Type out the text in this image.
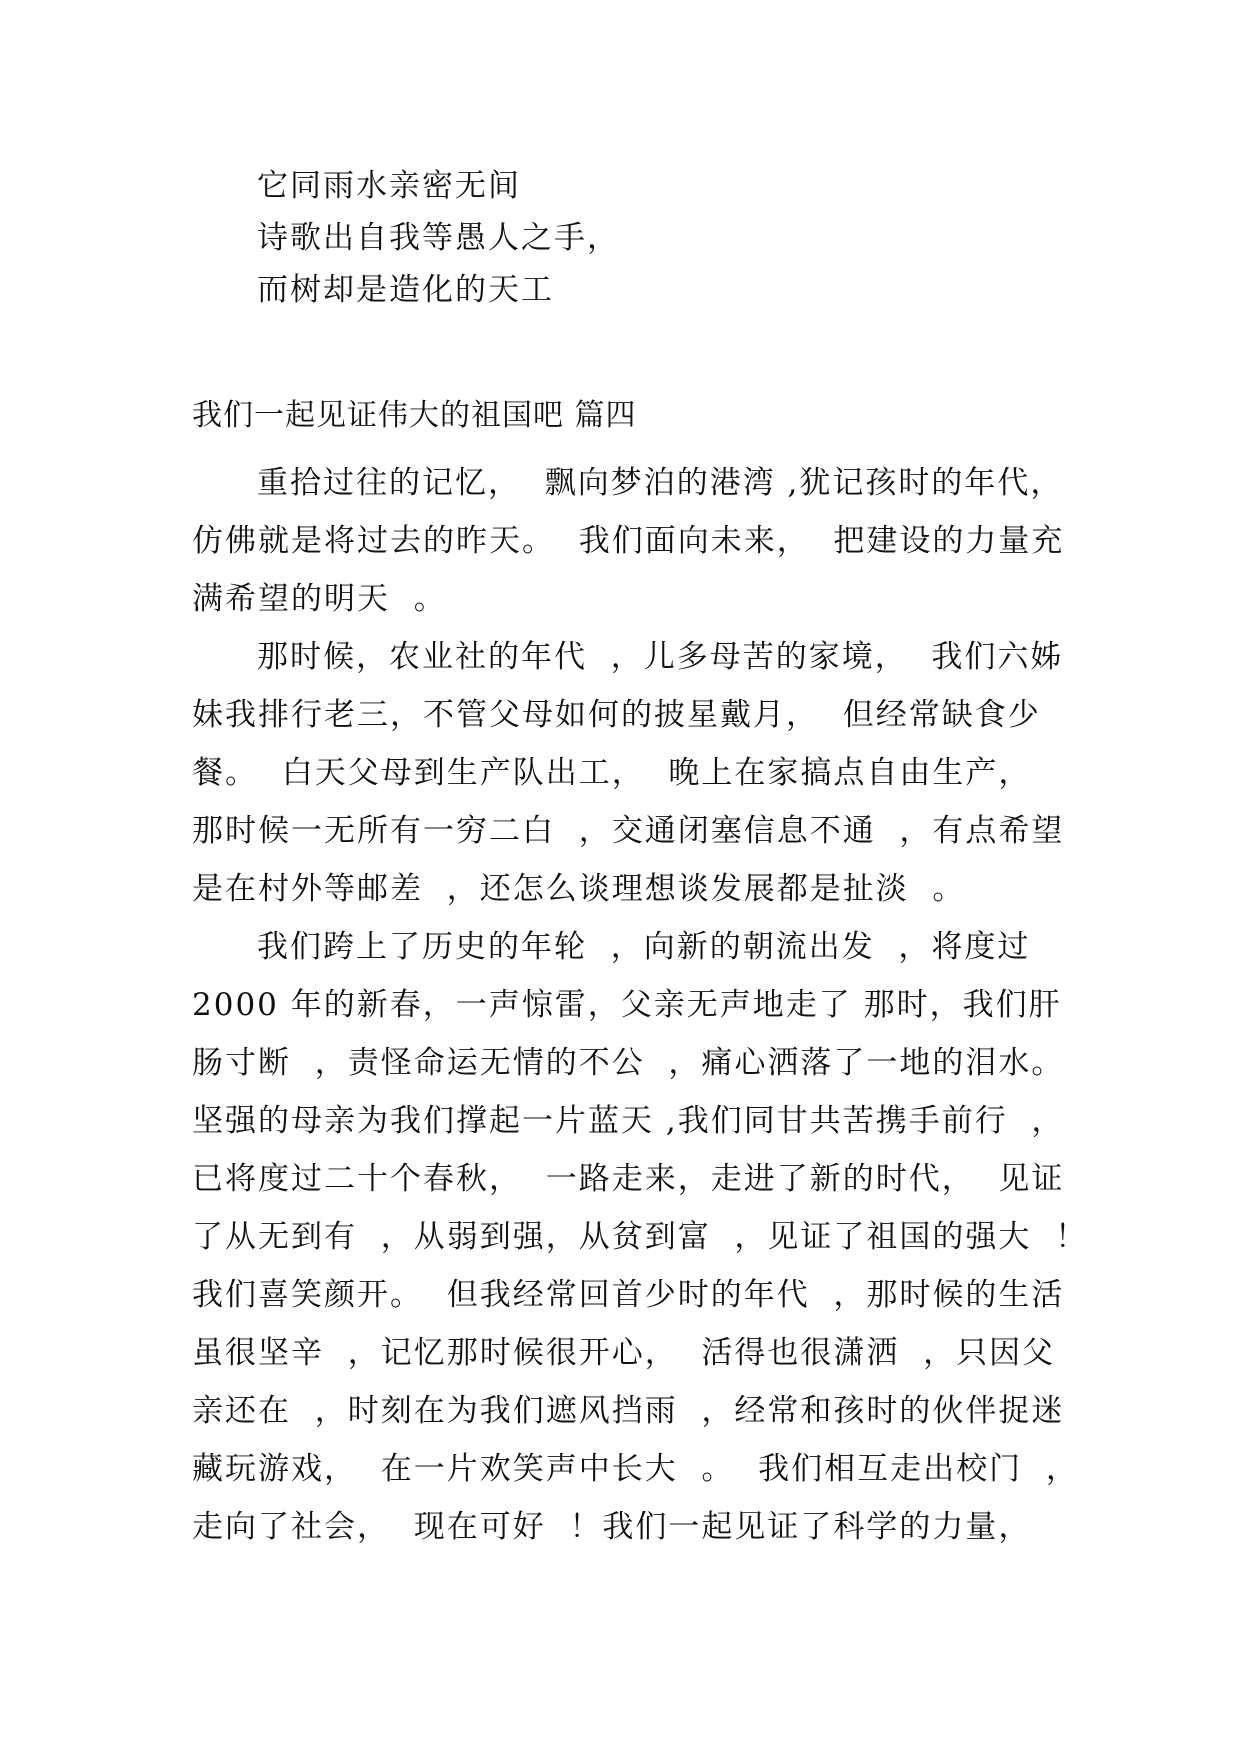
它同雨水亲密无间
诗歌出自我等愚人之手，
而树却是造化的天工
我们一起见证伟大的祖国吧 篇四
重拾过往的记忆，  飘向梦泊的港湾 ,犹记孩时的年代，
仿佛就是将过去的昨天。  我们面向未来，  把建设的力量充
满希望的明天  。
那时候，农业社的年代  ，儿多母苦的家境，  我们六姊
妹我排行老三，不管父母如何的披星戴月，  但经常缺食少
餐。  白天父母到生产队出工，  晚上在家搞点自由生产，
那时候一无所有一穷二白  ，交通闭塞信息不通  ，有点希望
是在村外等邮差  ，还怎么谈理想谈发展都是扯淡  。
我们跨上了历史的年轮  ，向新的朝流出发  ，将度过
2000 年的新春，一声惊雷，父亲无声地走了 那时，我们肝
肠寸断  ，责怪命运无情的不公  ，痛心洒落了一地的泪水。
坚强的母亲为我们撑起一片蓝天 ,我们同甘共苦携手前行  ，
已将度过二十个春秋，  一路走来，走进了新的时代，  见证
了从无到有  ，从弱到强，从贫到富  ，见证了祖国的强大  ！
我们喜笑颜开。  但我经常回首少时的年代  ，那时候的生活
虽很坚辛  ，记忆那时候很开心，  活得也很潇洒  ，只因父
亲还在  ，时刻在为我们遮风挡雨  ，经常和孩时的伙伴捉迷
藏玩游戏，  在一片欢笑声中长大  。  我们相互走出校门  ，
走向了社会，  现在可好  ！我们一起见证了科学的力量，
